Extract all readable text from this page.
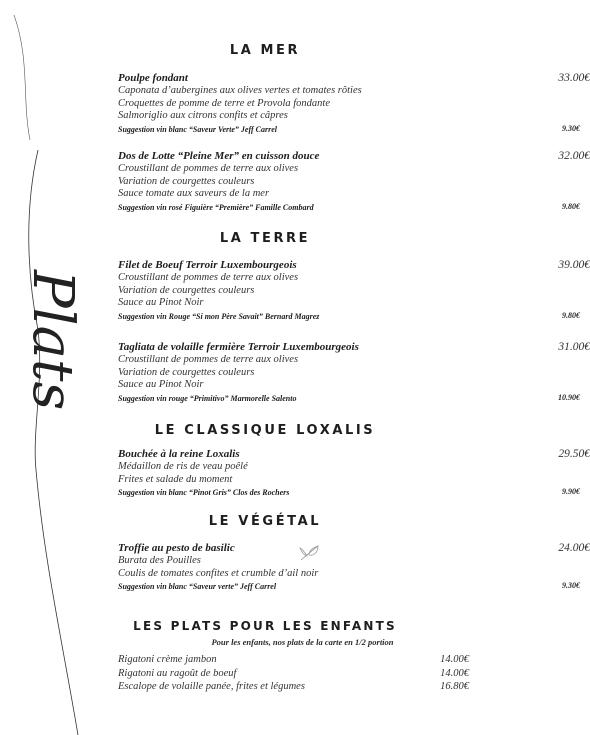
Plats
LA MER
Poulpe fondant
Caponata d’aubergines aux olives vertes et tomates rôties
Croquettes de pomme de terre et Provola fondante
Salmoriglio aux citrons confits et câpres
Suggestion vin blanc “Saveur Verte” Jeff Carrel
33.00€
9.30€
Dos de Lotte “Pleine Mer” en cuisson douce
Croustillant de pommes de terre aux olives
Variation de courgettes couleurs
Sauce tomate aux saveurs de la mer
Suggestion vin rosé Figuière “Première” Famille Combard
32.00€
9.80€
LA TERRE
Filet de Boeuf Terroir Luxembourgeois
Croustillant de pommes de terre aux olives
Variation de courgettes couleurs
Sauce au Pinot Noir
Suggestion vin Rouge “Si mon Père Savait” Bernard Magrez
39.00€
9.80€
Tagliata de volaille fermière Terroir Luxembourgeois
Croustillant de pommes de terre aux olives
Variation de courgettes couleurs
Sauce au Pinot Noir
Suggestion vin rouge “Primitivo” Marmorelle Salento
31.00€
10.90€
LE CLASSIQUE LOXALIS
Bouchée à la reine Loxalis
Médaillon de ris de veau poêlé
Frites et salade du moment
Suggestion vin blanc “Pinot Gris” Clos des Rochers
29.50€
9.90€
LE VÉGÉTAL
Troffie au pesto de basilic
Burata des Pouilles
Coulis de tomates confites et crumble d’ail noir
Suggestion vin blanc “Saveur verte” Jeff Carrel
24.00€
9.30€
LES PLATS POUR LES ENFANTS
Pour les enfants, nos plats de la carte en 1/2 portion
Rigatoni crème jambon	14.00€
Rigatoni au ragoût de boeuf	14.00€
Escalope de volaille panée, frites et légumes	16.80€
